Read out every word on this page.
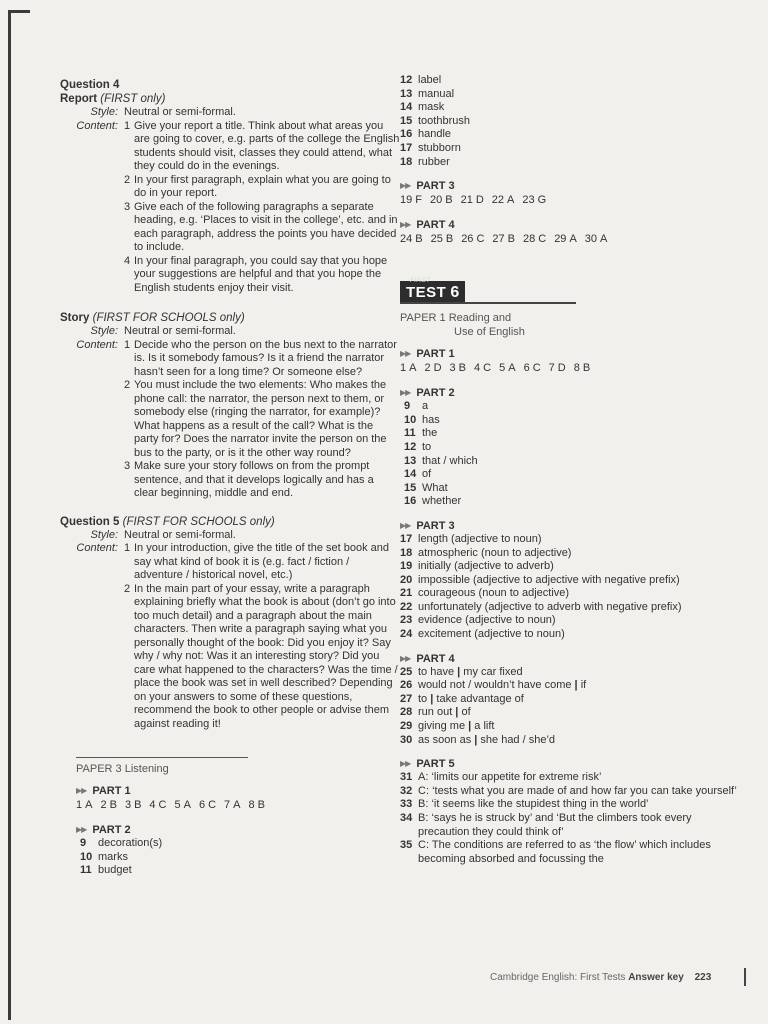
Question 4
Report (FIRST only)
Style: Neutral or semi-formal.
Content: 1 Give your report a title. Think about what areas you are going to cover, e.g. parts of the college the English students should visit, classes they could attend, what they could do in the evenings.
2 In your first paragraph, explain what you are going to do in your report.
3 Give each of the following paragraphs a separate heading, e.g. ‘Places to visit in the college’, etc. and in each paragraph, address the points you have decided to include.
4 In your final paragraph, you could say that you hope your suggestions are helpful and that you hope the English students enjoy their visit.
Story (FIRST FOR SCHOOLS only)
Style: Neutral or semi-formal.
Content: 1 Decide who the person on the bus next to the narrator is. Is it somebody famous? Is it a friend the narrator hasn’t seen for a long time? Or someone else?
2 You must include the two elements: Who makes the phone call: the narrator, the person next to them, or somebody else (ringing the narrator, for example)? What happens as a result of the call? What is the party for? Does the narrator invite the person on the bus to the party, or is it the other way round?
3 Make sure your story follows on from the prompt sentence, and that it develops logically and has a clear beginning, middle and end.
Question 5 (FIRST FOR SCHOOLS only)
Style: Neutral or semi-formal.
Content: 1 In your introduction, give the title of the set book and say what kind of book it is (e.g. fact / fiction / adventure / historical novel, etc.)
2 In the main part of your essay, write a paragraph explaining briefly what the book is about (don’t go into too much detail) and a paragraph about the main characters. Then write a paragraph saying what you personally thought of the book: Did you enjoy it? Say why / why not: Was it an interesting story? Did you care what happened to the characters? Was the time / place the book was set in well described? Depending on your answers to some of these questions, recommend the book to other people or advise them against reading it!
PAPER 3 Listening
▶▶ PART 1
1 A 2 B 3 B 4 C 5 A 6 C 7 A 8 B
▶▶ PART 2
9	decoration(s)
10 marks
11 budget
12 label
13 manual
14 mask
15 toothbrush
16 handle
17 stubborn
18 rubber
▶▶ PART 3
19 F 20 B 21 D 22 A 23 G
▶▶ PART 4
24 B 25 B 26 C 27 B 28 C 29 A 30 A
FIRST
TEST 6
PAPER 1 Reading and
Use of English
▶▶ PART 1
1 A 2 D 3 B 4 C 5 A 6 C 7 D 8 B
▶▶ PART 2
9	a
10 has
11 the
12 to
13 that / which
14 of
15 What
16 whether
▶▶ PART 3
17 length (adjective to noun)
18 atmospheric (noun to adjective)
19 initially (adjective to adverb)
20 impossible (adjective to adjective with negative prefix)
21 courageous (noun to adjective)
22 unfortunately (adjective to adverb with negative prefix)
23 evidence (adjective to noun)
24 excitement (adjective to noun)
▶▶ PART 4
25 to have | my car fixed
26 would not / wouldn’t have come | if
27 to | take advantage of
28 run out | of
29 giving me | a lift
30 as soon as | she had / she’d
▶▶ PART 5
31 A: ‘limits our appetite for extreme risk’
32 C: ‘tests what you are made of and how far you can take yourself’
33 B: ‘it seems like the stupidest thing in the world’
34 B: ‘says he is struck by’ and ‘But the climbers took every precaution they could think of’
35 C: The conditions are referred to as ‘the flow’ which includes becoming absorbed and focussing the
Cambridge English: First Tests Answer key 223
